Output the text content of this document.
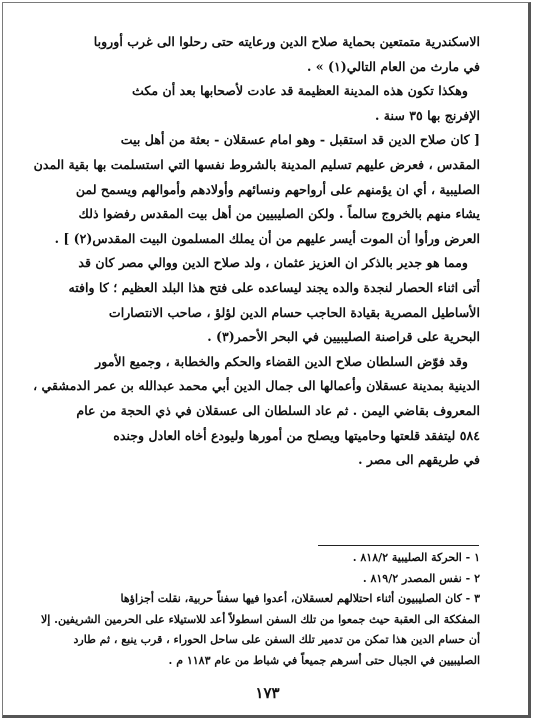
الاسكندرية متمتعين بحماية صلاح الدين ورعايته حتى رحلوا الى غرب أوروبا
في مارث من العام التالي(١) » .
وهكذا تكون هذه المدينة العظيمة قد عادت لأصحابها بعد أن مكث
الإفرنج بها ٣٥ سنة .
[ كان صلاح الدين قد استقبل - وهو امام عسقلان - بعثة من أهل بيت
المقدس ، فعرض عليهم تسليم المدينة بالشروط نفسها التي استسلمت بها بقية المدن
الصليبية ، أي ان يؤمنهم على أرواحهم ونسائهم وأولادهم وأموالهم ويسمح لمن
يشاء منهم بالخروج سالماً . ولكن الصليبيين من أهل بيت المقدس رفضوا ذلك
العرض ورأوا أن الموت أيسر عليهم من أن يملك المسلمون البيت المقدس(٢) ] .
ومما هو جدير بالذكر ان العزيز عثمان ، ولد صلاح الدين ووالي مصر كان قد
أتى اثناء الحصار لنجدة والده يجند ليساعده على فتح هذا البلد العظيم ؛ كا وافته
الأساطيل المصرية بقيادة الحاجب حسام الدين لؤلؤ ، صاحب الانتصارات
البحرية على قراصنة الصليبيين في البحر الأحمر(٣) .
وقد فوّض السلطان صلاح الدين القضاء والحكم والخطابة ، وجميع الأمور
الدينية بمدينة عسقلان وأعمالها الى جمال الدين أبي محمد عبدالله بن عمر الدمشقي ،
المعروف بقاضي اليمن . ثم عاد السلطان الى عسقلان في ذي الحجة من عام
٥٨٤ ليتفقد قلعتها وحاميتها ويصلح من أمورها وليودع أخاه العادل وجنده
في طريقهم الى مصر .
١ - الحركة الصليبية ٨١٨/٢ .
٢ - نفس المصدر ٨١٩/٢ .
٣ - كان الصليبيون أثناء احتلالهم لعسقلان، أعدوا فيها سفناً حربية، نقلت أجزاؤها
المفككة الى العقبة حيث جمعوا من تلك السفن اسطولاً أعد للاستيلاء على الحرمين الشريفين. إلا
أن حسام الدين هذا تمكن من تدمير تلك السفن على ساحل الحوراء ، قرب ينبع ، ثم طارد
الصليبيين في الجبال حتى أسرهم جميعاً في شباط من عام ١١٨٣ م .
١٧٣
